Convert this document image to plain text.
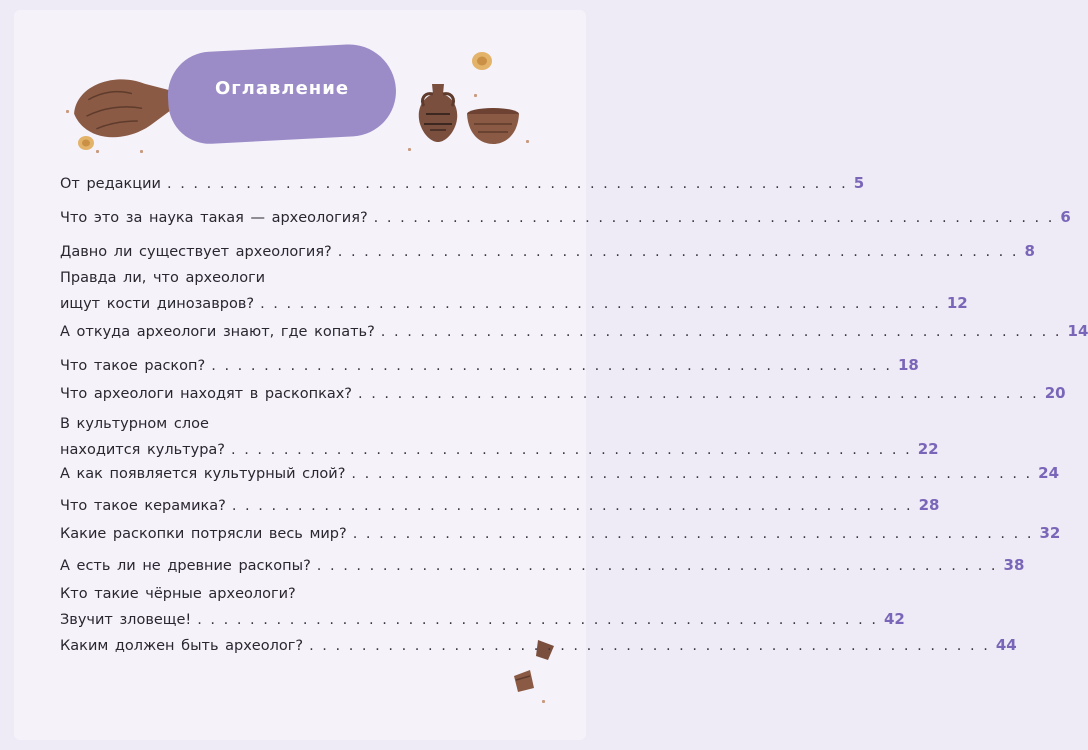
Оглавление
От редакции . . . . . . . . . . . . . . . . . . . . . . . . . . . . . . . . . . . . . . . . . . . . . . . . . . . . 5
Что это за наука такая — археология? . . . . . . . . . . . . . . . . . . . . . . . . . . . . . . . . . . . . . . . . . . . . . . . . . . . . 6
Давно ли существует археология? . . . . . . . . . . . . . . . . . . . . . . . . . . . . . . . . . . . . . . . . . . . . . . . . . . . . 8
Правда ли, что археологи
ищут кости динозавров? . . . . . . . . . . . . . . . . . . . . . . . . . . . . . . . . . . . . . . . . . . . . . . . . . . . . 12
А откуда археологи знают, где копать? . . . . . . . . . . . . . . . . . . . . . . . . . . . . . . . . . . . . . . . . . . . . . . . . . . . . 14
Что такое раскоп? . . . . . . . . . . . . . . . . . . . . . . . . . . . . . . . . . . . . . . . . . . . . . . . . . . . . 18
Что археологи находят в раскопках? . . . . . . . . . . . . . . . . . . . . . . . . . . . . . . . . . . . . . . . . . . . . . . . . . . . . 20
В культурном слое
находится культура? . . . . . . . . . . . . . . . . . . . . . . . . . . . . . . . . . . . . . . . . . . . . . . . . . . . . 22
А как появляется культурный слой? . . . . . . . . . . . . . . . . . . . . . . . . . . . . . . . . . . . . . . . . . . . . . . . . . . . . 24
Что такое керамика? . . . . . . . . . . . . . . . . . . . . . . . . . . . . . . . . . . . . . . . . . . . . . . . . . . . . 28
Какие раскопки потрясли весь мир? . . . . . . . . . . . . . . . . . . . . . . . . . . . . . . . . . . . . . . . . . . . . . . . . . . . . 32
А есть ли не древние раскопы? . . . . . . . . . . . . . . . . . . . . . . . . . . . . . . . . . . . . . . . . . . . . . . . . . . . . 38
Кто такие чёрные археологи?
Звучит зловеще! . . . . . . . . . . . . . . . . . . . . . . . . . . . . . . . . . . . . . . . . . . . . . . . . . . . . 42
Каким должен быть археолог? . . . . . . . . . . . . . . . . . . . . . . . . . . . . . . . . . . . . . . . . . . . . . . . . . . . . 44
